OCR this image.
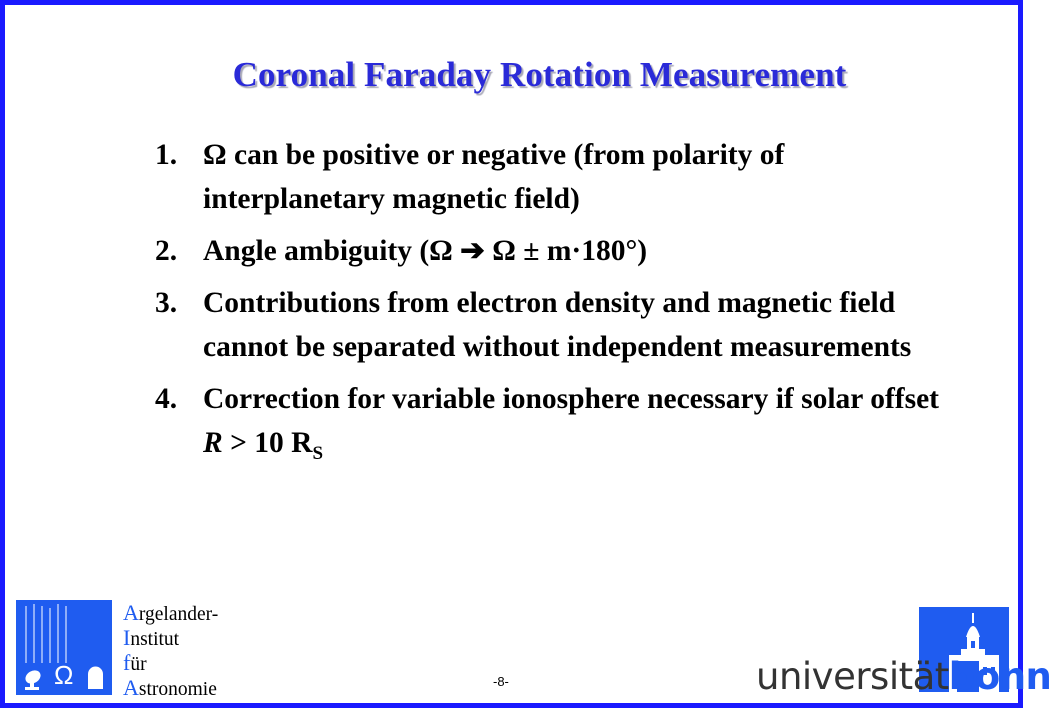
Coronal Faraday Rotation Measurement
1. Ω can be positive or negative (from polarity of interplanetary magnetic field)
2. Angle ambiguity (Ω ➔ Ω ± m·180°)
3. Contributions from electron density and magnetic field cannot be separated without independent measurements
4. Correction for variable ionosphere necessary if solar offset R > 10 $R_S$
Ω
Argelander-
Institut
für
Astronomie	-8-	universitätbonn
